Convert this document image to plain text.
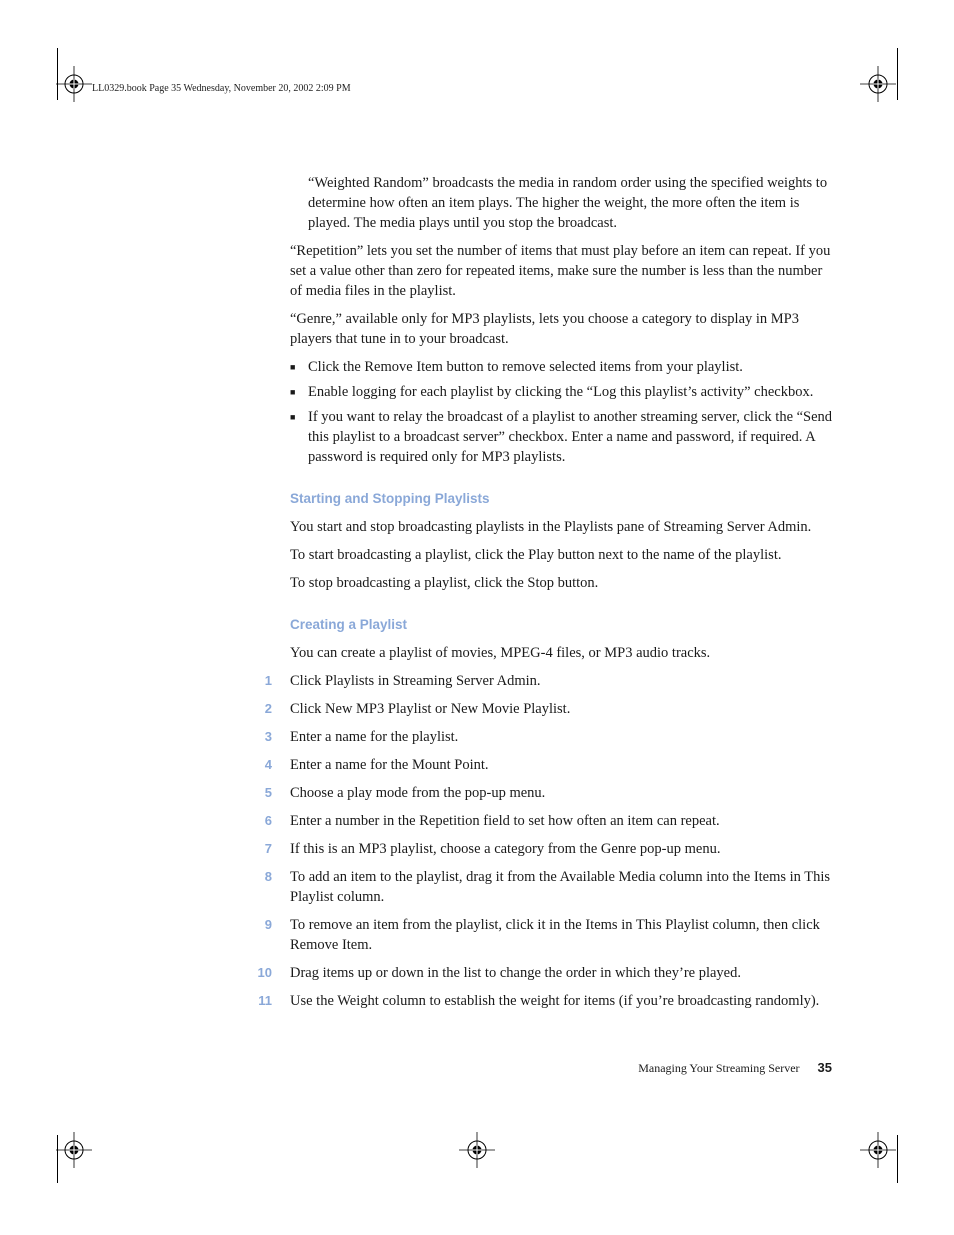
LL0329.book Page 35 Wednesday, November 20, 2002 2:09 PM

“Weighted Random” broadcasts the media in random order using the specified weights to determine how often an item plays. The higher the weight, the more often the item is played. The media plays until you stop the broadcast.

“Repetition” lets you set the number of items that must play before an item can repeat. If you set a value other than zero for repeated items, make sure the number is less than the number of media files in the playlist.

“Genre,” available only for MP3 playlists, lets you choose a category to display in MP3 players that tune in to your broadcast.

■ Click the Remove Item button to remove selected items from your playlist.
■ Enable logging for each playlist by clicking the “Log this playlist’s activity” checkbox.
■ If you want to relay the broadcast of a playlist to another streaming server, click the “Send this playlist to a broadcast server” checkbox. Enter a name and password, if required. A password is required only for MP3 playlists.
Starting and Stopping Playlists

You start and stop broadcasting playlists in the Playlists pane of Streaming Server Admin.

To start broadcasting a playlist, click the Play button next to the name of the playlist.

To stop broadcasting a playlist, click the Stop button.

Creating a Playlist

You can create a playlist of movies, MPEG-4 files, or MP3 audio tracks.

1 Click Playlists in Streaming Server Admin.
2 Click New MP3 Playlist or New Movie Playlist.
3 Enter a name for the playlist.
4 Enter a name for the Mount Point.
5 Choose a play mode from the pop-up menu.
6 Enter a number in the Repetition field to set how often an item can repeat.
7 If this is an MP3 playlist, choose a category from the Genre pop-up menu.
8 To add an item to the playlist, drag it from the Available Media column into the Items in This Playlist column.
9 To remove an item from the playlist, click it in the Items in This Playlist column, then click Remove Item.
10 Drag items up or down in the list to change the order in which they’re played.
11 Use the Weight column to establish the weight for items (if you’re broadcasting randomly).
Managing Your Streaming Server 35
